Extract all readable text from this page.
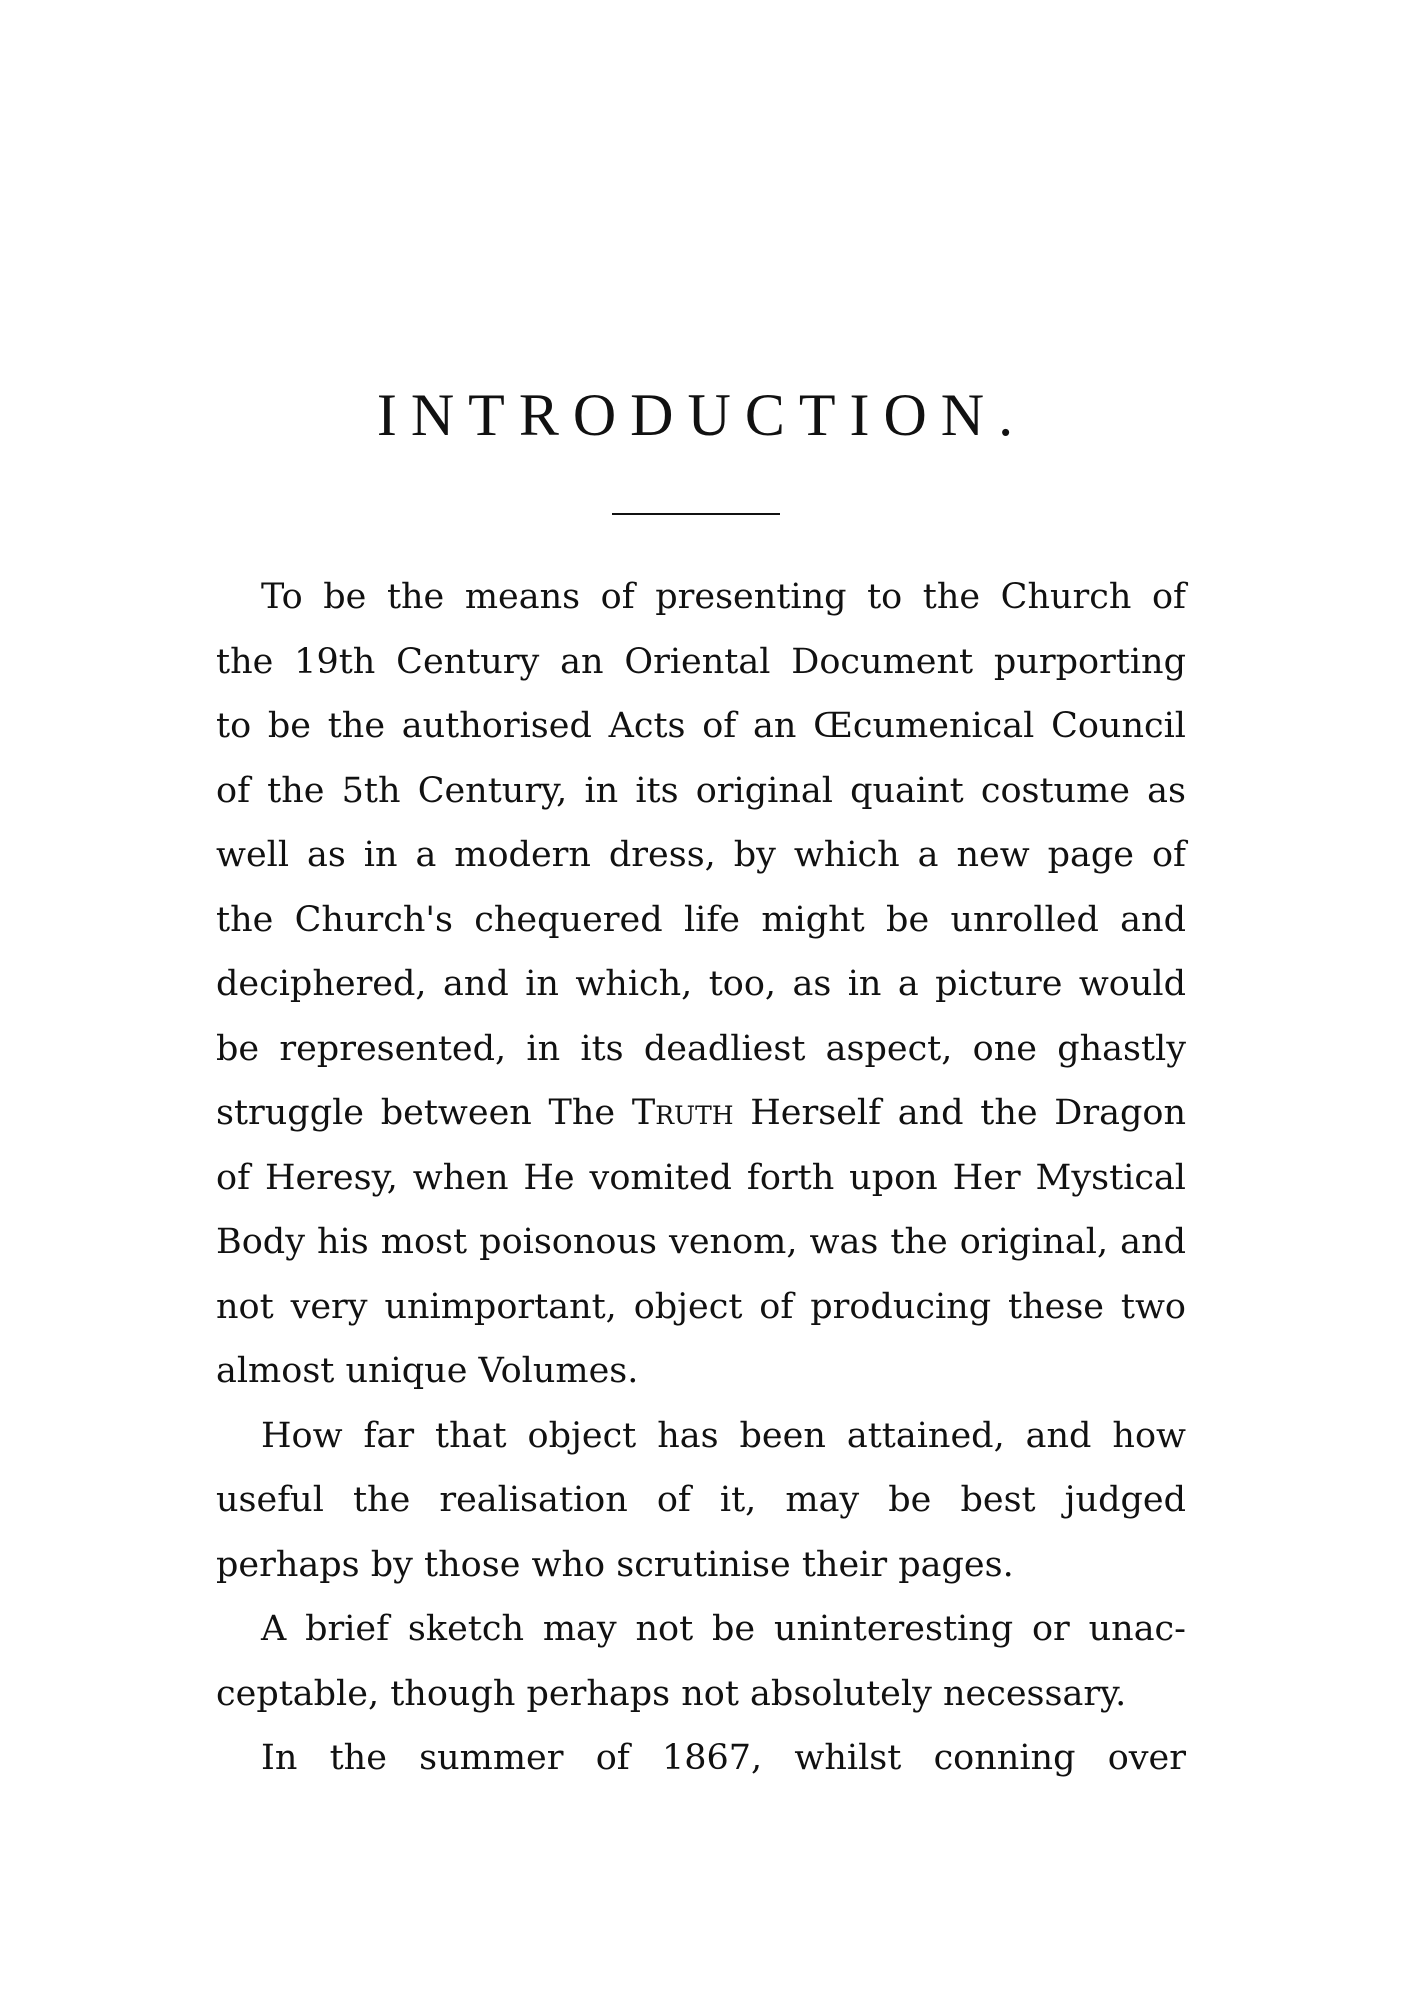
INTRODUCTION.
To be the means of presenting to the Church of
the 19th Century an Oriental Document purporting
to be the authorised Acts of an Œcumenical Council
of the 5th Century, in its original quaint costume as
well as in a modern dress, by which a new page of
the Church's chequered life might be unrolled and
deciphered, and in which, too, as in a picture would
be represented, in its deadliest aspect, one ghastly
struggle between The Truth Herself and the Dragon
of Heresy, when He vomited forth upon Her Mystical
Body his most poisonous venom, was the original, and
not very unimportant, object of producing these two
almost unique Volumes.
How far that object has been attained, and how
useful the realisation of it, may be best judged
perhaps by those who scrutinise their pages.
A brief sketch may not be uninteresting or unac-
ceptable, though perhaps not absolutely necessary.
In the summer of 1867, whilst conning over
